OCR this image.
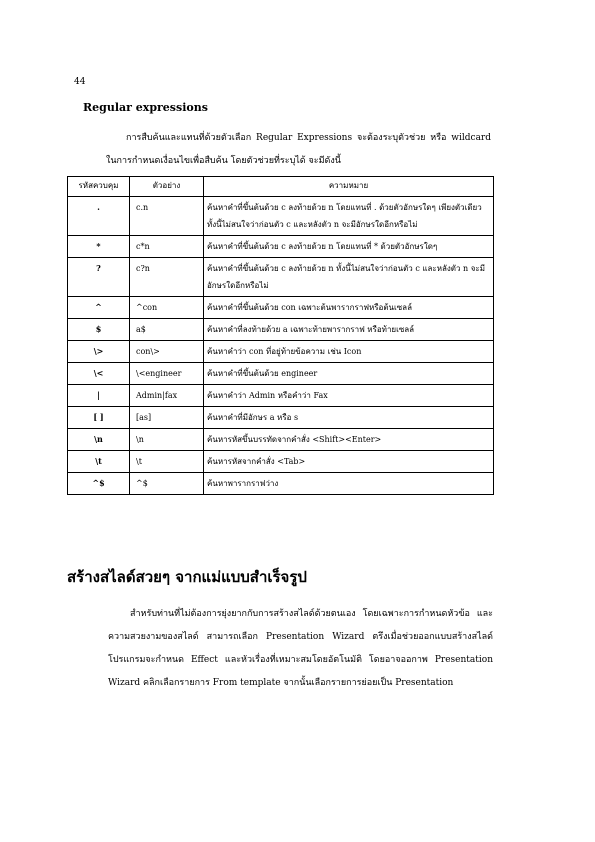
44
Regular expressions

การสืบค้นและแทนที่ด้วยตัวเลือก Regular Expressions จะต้องระบุตัวช่วย หรือ wildcard ในการกำหนดเงื่อนไขเพื่อสืบค้น โดยตัวช่วยที่ระบุได้ จะมีดังนี้

รหัสควบคุม	ตัวอย่าง	ความหมาย
.	c.n	ค้นหาคำที่ขึ้นต้นด้วย c ลงท้ายด้วย n โดยแทนที่ . ด้วยตัวอักษรใดๆ เพียงตัวเดียว ทั้งนี้ไม่สนใจว่าก่อนตัว c และหลังตัว n จะมีอักษรใดอีกหรือไม่
*	c*n	ค้นหาคำที่ขึ้นต้นด้วย c ลงท้ายด้วย n โดยแทนที่ * ด้วยตัวอักษรใดๆ
?	c?n	ค้นหาคำที่ขึ้นต้นด้วย c ลงท้ายด้วย n ทั้งนี้ไม่สนใจว่าก่อนตัว c และหลังตัว n จะมีอักษรใดอีกหรือไม่
^	^con	ค้นหาคำที่ขึ้นต้นด้วย con เฉพาะต้นพารากราฟหรือต้นเซลล์
$	a$	ค้นหาคำที่ลงท้ายด้วย a เฉพาะท้ายพารากราฟ หรือท้ายเซลล์
\>	con\>	ค้นหาคำว่า con ที่อยู่ท้ายข้อความ เช่น Icon
\<	\<engineer	ค้นหาคำที่ขึ้นต้นด้วย engineer
|	Admin|fax	ค้นหาคำว่า Admin หรือคำว่า Fax
[ ]	[as]	ค้นหาคำที่มีอักษร a หรือ s
\n	\n	ค้นหารหัสขึ้นบรรทัดจากคำสั่ง <Shift><Enter>
\t	\t	ค้นหารหัสจากคำสั่ง <Tab>
^$	^$	ค้นหาพารากราฟว่าง
สร้างสไลด์สวยๆ จากแม่แบบสำเร็จรูป

สำหรับท่านที่ไม่ต้องการยุ่งยากกับการสร้างสไลด์ด้วยตนเอง โดยเฉพาะการกำหนดหัวข้อ และความสวยงามของสไลด์ สามารถเลือก Presentation Wizard ตรึงเมื่อช่วยออกแบบสร้างสไลด์ โปรแกรมจะกำหนด Effect และหัวเรื่องที่เหมาะสมโดยอัตโนมัติ โดยอาจออกาพ Presentation Wizard คลิกเลือกรายการ From template จากนั้นเลือกรายการย่อยเป็น Presentation
